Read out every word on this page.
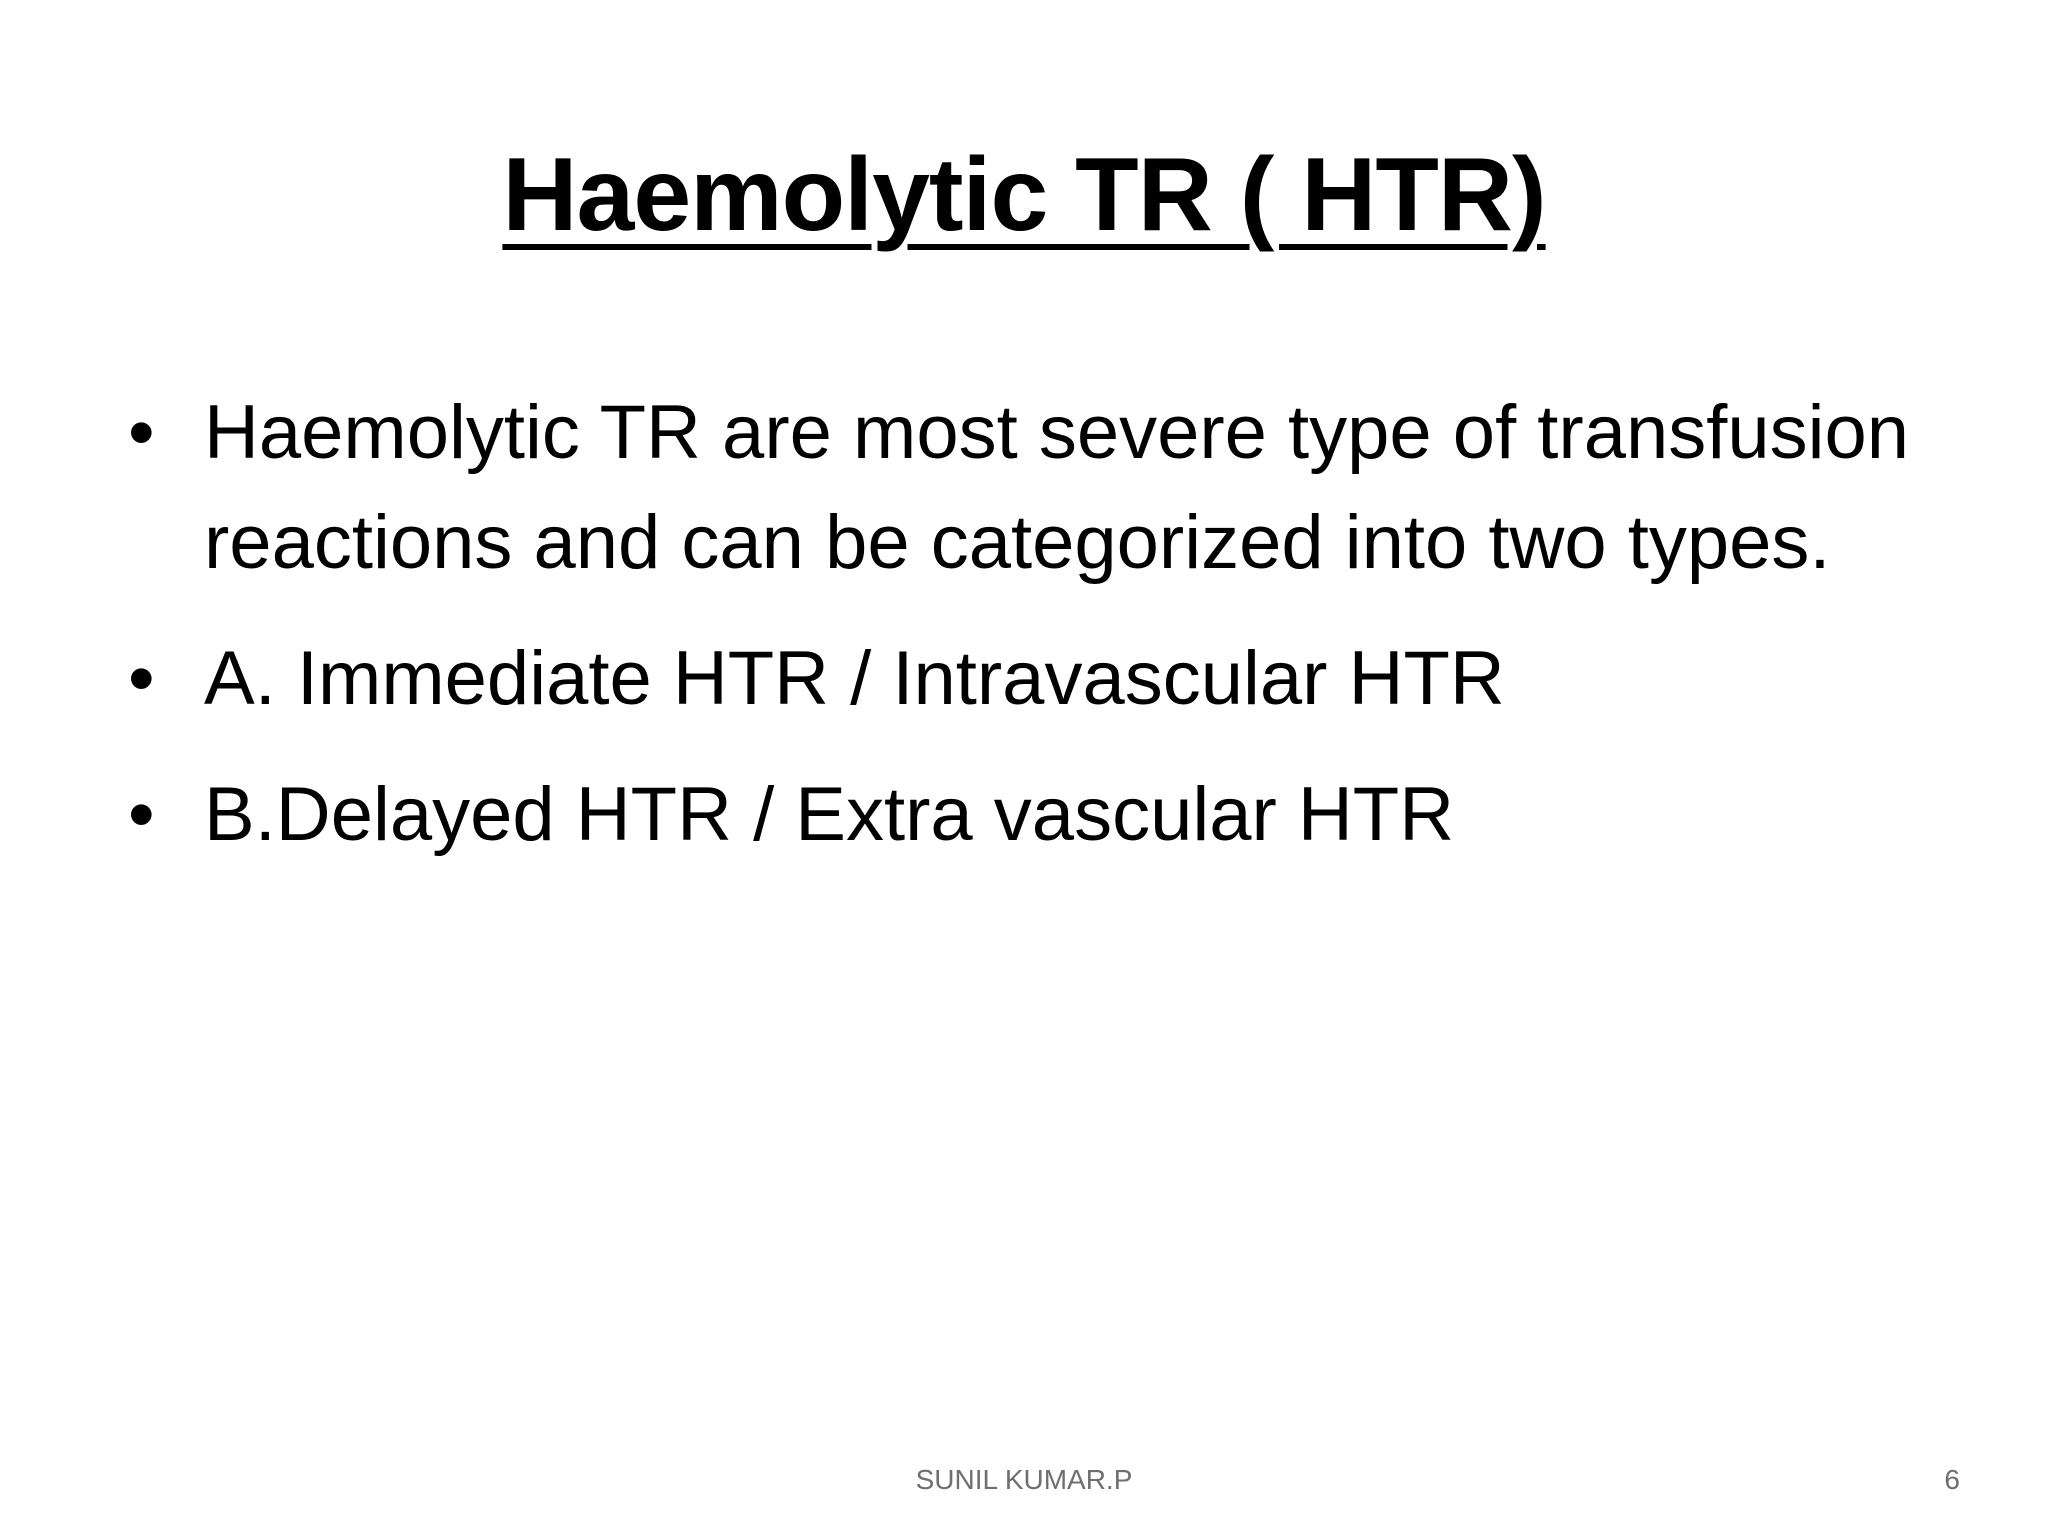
Haemolytic TR ( HTR)
• Haemolytic TR are most severe type of transfusion reactions and can be categorized into two types.
• A. Immediate HTR / Intravascular HTR
• B.Delayed HTR / Extra vascular HTR
SUNIL KUMAR.P	6
